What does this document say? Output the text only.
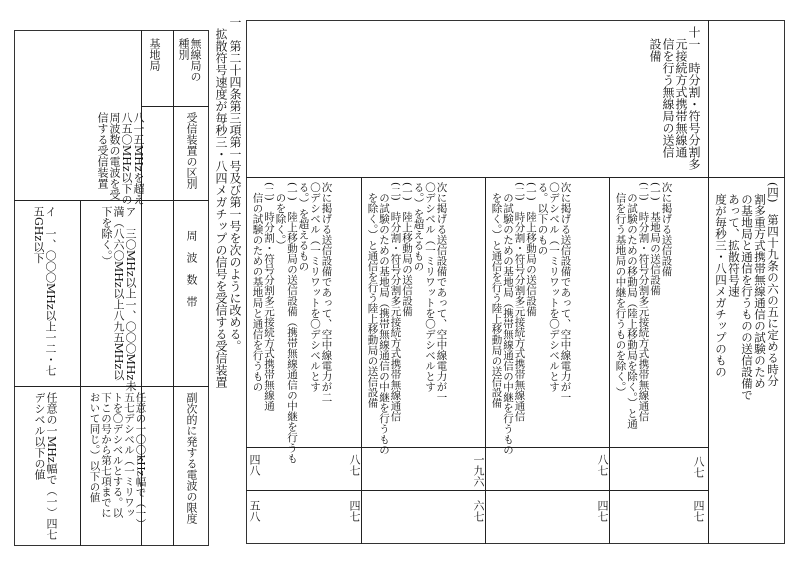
基地局	無線局の
種別
受信装置の区別
八一五MHzを超え
八五〇MHz以下の
周波数の電波を受
信する受信装置
周　波　数　帯
ア　三〇MHz以上一、〇〇〇MHz未
満（八六〇MHz以上八九五MHz以
下を除く。）
イ　一、〇〇〇MHz以上一二・七
五GHz以下
副次的に発する電波の限度
任意の一〇〇kHz幅で（一）
五七デシベル（一ミリワッ
トを〇デシベルとする。以
下この号から第七項までに
おいて同じ。）以下の値
任意の一MHz幅で（一）四七
デシベル以下の値
一　第二十四条第三項第一号及び第一号を次のように改める。
　拡散符号速度が毎秒三・八四メガチップの信号を受信する受信装置	十一　時分割・符号分割多
　元接続方式携帯無線通
　信を行う無線局の送信
　設備
(四)　第四十九条の六の五に定める時分
　割多重方式携帯無線通信の試験のため
　の基地局と通信を行うものの送信設備で
　あって、拡散符号速
　度が毎秒三・八四メガチップのもの
次に掲げる送信設備
(一)　基地局の送信設備
(二)　時分割・符号分割多元接続方式携帯無線通信
　の試験のための移動局（陸上移動局を除く。）と通
　信を行う基地局の中継を行うものを除く。）
次に掲げる送信設備であって、空中線電力が一
〇デシベル（一ミリワットを〇デシベルとす
る。以下のもの
(一)　陸上移動局の送信設備
(二)　時分割・符号分割多元接続方式携帯無線通信
　の試験のための基地局（携帯無線通信の中継を行うもの
　を除く。）と通信を行う陸上移動局の送信設備
次に掲げる送信設備であって、空中線電力が一
〇デシベル（一ミリワットを〇デシベルとす
る。）を超えるもの
(一)　陸上移動局の送信設備
(二)　時分割・符号分割多元接続方式携帯無線通信
　の試験のための基地局（携帯無線通信の中継を行うもの
　を除く。）と通信を行う陸上移動局の送信設備
次に掲げる送信設備であって、空中線電力が二
〇デシベル（一ミリワットを〇デシベルとす
る。）を超えるもの
(一)　陸上移動局の送信設備（携帯無線通信の中継を行うも
　のを除く。）
(二)　時分割・符号分割多元接続方式携帯無線通
　信の試験のための基地局と通信を行うもの
八七
四七
八七
一九六
八七
四八
四七
六七
四七
五八
